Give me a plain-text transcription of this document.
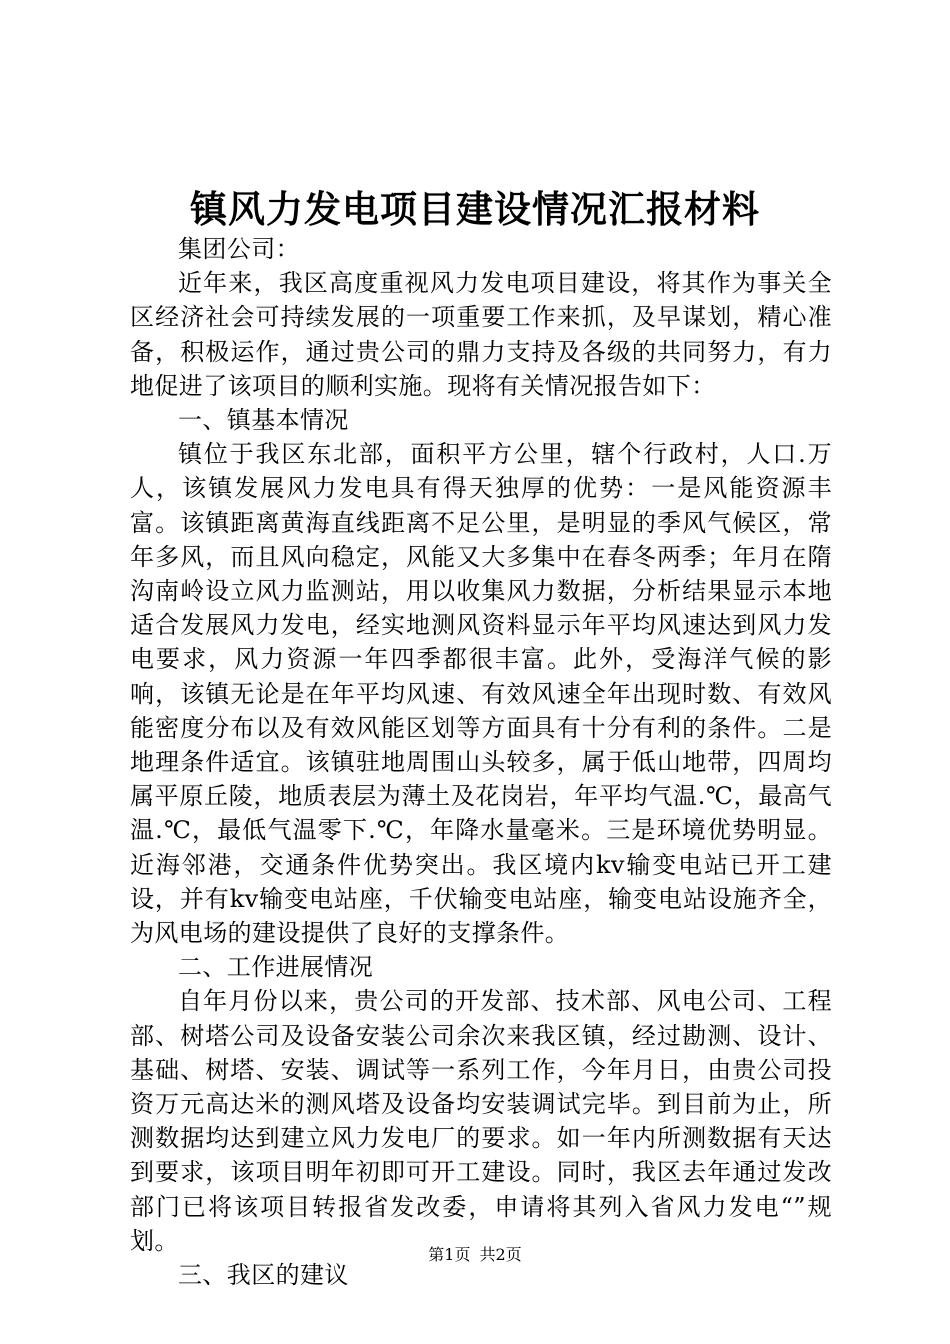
镇风力发电项目建设情况汇报材料

集团公司：

近年来，我区高度重视风力发电项目建设，将其作为事关全区经济社会可持续发展的一项重要工作来抓，及早谋划，精心准备，积极运作，通过贵公司的鼎力支持及各级的共同努力，有力地促进了该项目的顺利实施。现将有关情况报告如下：

一、镇基本情况

镇位于我区东北部，面积平方公里，辖个行政村，人口.万人，该镇发展风力发电具有得天独厚的优势：一是风能资源丰富。该镇距离黄海直线距离不足公里，是明显的季风气候区，常年多风，而且风向稳定，风能又大多集中在春冬两季；年月在隋沟南岭设立风力监测站，用以收集风力数据，分析结果显示本地适合发展风力发电，经实地测风资料显示年平均风速达到风力发电要求，风力资源一年四季都很丰富。此外，受海洋气候的影响，该镇无论是在年平均风速、有效风速全年出现时数、有效风能密度分布以及有效风能区划等方面具有十分有利的条件。二是地理条件适宜。该镇驻地周围山头较多，属于低山地带，四周均属平原丘陵，地质表层为薄土及花岗岩，年平均气温.℃，最高气温.℃，最低气温零下.℃，年降水量毫米。三是环境优势明显。近海邻港，交通条件优势突出。我区境内kv输变电站已开工建设，并有kv输变电站座，千伏输变电站座，输变电站设施齐全，为风电场的建设提供了良好的支撑条件。

二、工作进展情况

自年月份以来，贵公司的开发部、技术部、风电公司、工程部、树塔公司及设备安装公司余次来我区镇，经过勘测、设计、基础、树塔、安装、调试等一系列工作，今年月日，由贵公司投资万元高达米的测风塔及设备均安装调试完毕。到目前为止，所测数据均达到建立风力发电厂的要求。如一年内所测数据有天达到要求，该项目明年初即可开工建设。同时，我区去年通过发改部门已将该项目转报省发改委，申请将其列入省风力发电“”规划。

三、我区的建议

第1页 共2页
